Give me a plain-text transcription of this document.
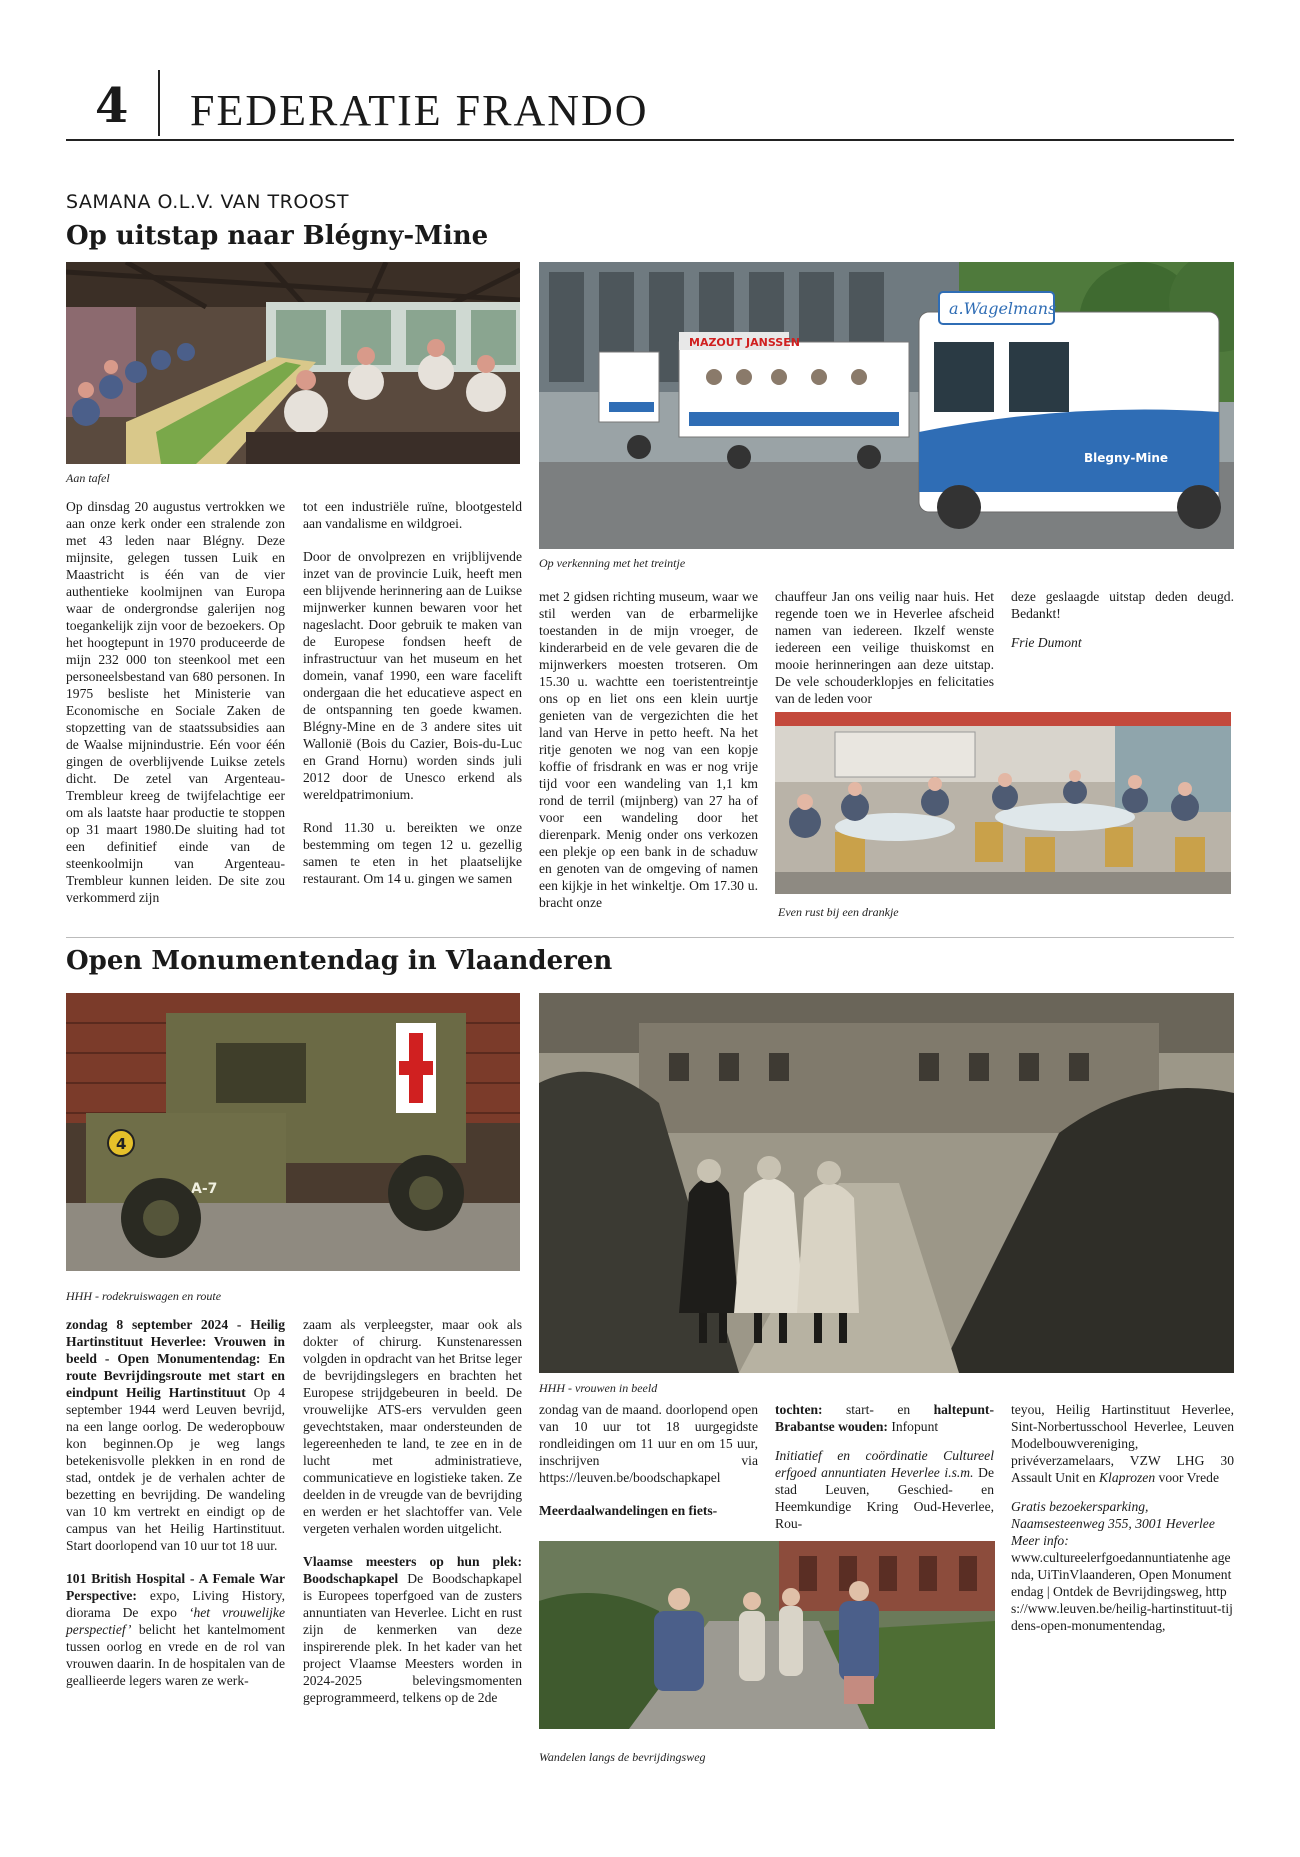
4 FEDERATIE FRANDO
SAMANA O.L.V. VAN TROOST
Op uitstap naar Blégny-Mine
Aan tafel
MAZOUT JANSSEN
a.Wagelmans
Blegny-Mine
Op verkenning met het treintje

Op dinsdag 20 augustus vertrokken we aan onze kerk onder een stralende zon met 43 leden naar Blégny. Deze mijnsite, gelegen tussen Luik en Maastricht is één van de vier authentieke koolmijnen van Europa waar de ondergrondse galerijen nog toegankelijk zijn voor de bezoekers. Op het hoogtepunt in 1970 produceerde de mijn 232 000 ton steenkool met een personeelsbestand van 680 personen. In 1975 besliste het Ministerie van Economische en Sociale Zaken de stopzetting van de staatssubsidies aan de Waalse mijnindustrie. Eén voor één gingen de overblijvende Luikse zetels dicht. De zetel van Argenteau-Trembleur kreeg de twijfelachtige eer om als laatste haar productie te stoppen op 31 maart 1980.De sluiting had tot een definitief einde van de steenkoolmijn van Argenteau-Trembleur kunnen leiden. De site zou verkommerd zijn

tot een industriële ruïne, blootgesteld aan vandalisme en wildgroei.

Door de onvolprezen en vrijblijvende inzet van de provincie Luik, heeft men een blijvende herinnering aan de Luikse mijnwerker kunnen bewaren voor het nageslacht. Door gebruik te maken van de Europese fondsen heeft de infrastructuur van het museum en het domein, vanaf 1990, een ware facelift ondergaan die het educatieve aspect en de ontspanning ten goede kwamen. Blégny-Mine en de 3 andere sites uit Wallonië (Bois du Cazier, Bois-du-Luc en Grand Hornu) worden sinds juli 2012 door de Unesco erkend als wereldpatrimonium.

Rond 11.30 u. bereikten we onze bestemming om tegen 12 u. gezellig samen te eten in het plaatselijke restaurant. Om 14 u. gingen we samen

met 2 gidsen richting museum, waar we stil werden van de erbarmelijke toestanden in de mijn vroeger, de kinderarbeid en de vele gevaren die de mijnwerkers moesten trotseren. Om 15.30 u. wachtte een toeristentreintje ons op en liet ons een klein uurtje genieten van de vergezichten die het land van Herve in petto heeft. Na het ritje genoten we nog van een kopje koffie of frisdrank en was er nog vrije tijd voor een wandeling van 1,1 km rond de terril (mijnberg) van 27 ha of voor een wandeling door het dierenpark. Menig onder ons verkozen een plekje op een bank in de schaduw en genoten van de omgeving of namen een kijkje in het winkeltje. Om 17.30 u. bracht onze

chauffeur Jan ons veilig naar huis. Het regende toen we in Heverlee afscheid namen van iedereen. Ikzelf wenste iedereen een veilige thuiskomst en mooie herinneringen aan deze uitstap. De vele schouderklopjes en felicitaties van de leden voor

deze geslaagde uitstap deden deugd. Bedankt!

Frie Dumont

Even rust bij een drankje
Open Monumentendag in Vlaanderen
4
A-7
HHH - rodekruiswagen en route
HHH - vrouwen in beeld

zondag 8 september 2024 - Heilig Hartinstituut Heverlee: Vrouwen in beeld - Open Monumentendag: En route Bevrijdingsroute met start en eindpunt Heilig Hartinstituut Op 4 september 1944 werd Leuven bevrijd, na een lange oorlog. De wederopbouw kon beginnen.Op je weg langs betekenisvolle plekken in en rond de stad, ontdek je de verhalen achter de bezetting en bevrijding. De wandeling van 10 km vertrekt en eindigt op de campus van het Heilig Hartinstituut. Start doorlopend van 10 uur tot 18 uur.

101 British Hospital - A Female War Perspective: expo, Living History, diorama De expo ‘het vrouwelijke perspectief’ belicht het kantelmoment tussen oorlog en vrede en de rol van vrouwen daarin. In de hospitalen van de geallieerde legers waren ze werk-

zaam als verpleegster, maar ook als dokter of chirurg. Kunstenaressen volgden in opdracht van het Britse leger de bevrijdingslegers en brachten het Europese strijdgebeuren in beeld. De vrouwelijke ATS-ers vervulden geen gevechtstaken, maar ondersteunden de legereenheden te land, te zee en in de lucht met administratieve, communicatieve en logistieke taken. Ze deelden in de vreugde van de bevrijding en werden er het slachtoffer van. Vele vergeten verhalen worden uitgelicht.

Vlaamse meesters op hun plek: Boodschapkapel De Boodschapkapel is Europees toperfgoed van de zusters annuntiaten van Heverlee. Licht en rust zijn de kenmerken van deze inspirerende plek. In het kader van het project Vlaamse Meesters worden in 2024-2025 belevingsmomenten geprogrammeerd, telkens op de 2de

zondag van de maand. doorlopend open van 10 uur tot 18 uurgegidste rondleidingen om 11 uur en om 15 uur, inschrijven via https://leuven.be/boodschapkapel

Meerdaalwandelingen en fiets-

tochten: start- en haltepunt- Brabantse wouden: Infopunt

Initiatief en coördinatie Cultureel erfgoed annuntiaten Heverlee i.s.m. De stad Leuven, Geschied- en Heemkundige Kring Oud-Heverlee, Rou-

teyou, Heilig Hartinstituut Heverlee, Sint-Norbertusschool Heverlee, Leuven Modelbouwvereniging, privéverzamelaars, VZW LHG 30 Assault Unit en Klaprozen voor Vrede

Gratis bezoekersparking, Naamsesteenweg 355, 3001 Heverlee

Meer info:

www.cultureelerfgoedannuntiatenhe agenda, UiTinVlaanderen, Open Monumentendag | Ontdek de Bevrijdingsweg, https://www.leuven.be/heilig-hartinstituut-tijdens-open-monumentendag,

Wandelen langs de bevrijdingsweg
